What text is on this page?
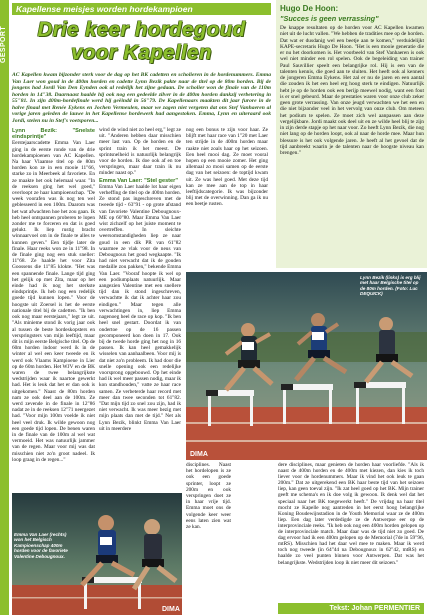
GESPORT
Kapellense meisjes worden hordekampioen
Drie keer hordegoud voor Kapellen
AC Kapellen kwam bijzonder sterk voor de dag op het BK cadetten en scholieren in de hordenummers. Emma Van Laer won goud in de 400m horden en cadette Lynn Bezik pakte naar de titel op de 80m horden. Bij de jongens had Jordi Van Den Eynden ook al redelijk het zijne gedaan. De scholier won de finale van de 110m horden in 14"38. Daarnaast haalde hij ook nog een gedeelde zilver in de 400m horden dankzij verbetering in 55"81. In zijn 400m-hordefinale werd hij geëindd in 56"79. De Kapellenaars maakten dit jaar furore in de halve finaal met Renée Eykens en Jochen Vermeulen, maar we zagen niet vergeten dat ons Stef Vanhaeren al vorige jaren geleden de lauwe in het Kapellense hordewerk had aangestoken. Emma, Lynn en uiteraard ook Jordi, stelen nu in Stef's voetsporen...

Lynn Bezik: "Snelste eindsprintje"

Eerstejaarscadette Emma Van Laer ging in de eerste ronde van de drie hordekampioenen van AC Kapellen. Na haar Vlaamse titel op de 80m horden kon ze in een mooie 11"66, starke zo in Meerbeek al favoriete. En ze maakte het ook helemaal waar. "In de reeksen ging het wel goed," overloopt ze haar kampioenschap. "De week voorafen was ik nog ten wel geblesseerd in een 100m. Daarom was het wat afwachten hoe het zou gaan. Ik heb heel ontspannen proberen te lopen zonder me te forceren en dat is goed gelukt. Ik liep rustig bracht winnaarvoel om in de finale te alles te kunnen geven." Een tijdje later de finale. Haar reeks won ze in 11"98. In de finale ging nog een stuk sneller: 11"68. Ze haalde het voor Zita Goossens die 11"85 klokte. "Het was een spannende finale. Lange tijd ging het gelijk op met Zita, maar op het einde had ik nog het sterkste eindsprintje. Ik heb nog een redelijk goede tijd kunnen lopen." Voor de hoogste uit Zoersel is het de eerste nationale titel bij de cadetten. "Ik ben ook nog maar eerstejaars," legt ze uit. "Als minieme stond ik vorig jaar ook al tussen de beste hordeskopsters en verspringsters van mijn leeftijd, maar dit is mijn eerste Belgische titel. Op de 60m horden indoor werd ik in de winter al wel een keer tweede en ik werd ook Vlaams Kampioene in Lier op de 60m horden. Het WJV en de BK waren de twee belangrijkste wedstrijden waar ik naartoe gewerkt had. Het is leuk dat het er dan ook is uitgekomen." Naast de 80m horden nam ze ook deel aan de 100m. Ze werd zevende in de finale in 12"86 nadat ze in de reeksen 12"71 neergezet had. "Voor mijn 100m voelde ik niet heel veel druk. Ik wilde gewoon nog een goede tijd lopen. De benen waren in de finale van de 100m al wel wat vermoeid. Het was natuurlijk jammer van de regen. Maar voor mij was dat misschien niet zo'n groot nadeel. Ik loop graag in de regen..."

wind de wind niet zo heel erg," legt ze uit. "Anderen hebben daar misschien meer last van. Op de horden en de sprint train ik het meest. De sprintsnelheid is natuurlijk belangrijk voor de horden. Ik doe ook af en toe verspringen, maar daar train ik nu minder naast op."

Emma Van Laer: "Stel gester"

Emma Van Laer haalde lot haar eigen verheffing de titel op de 400m horden. Ze stond pas ingeschreven met de tweede tijd - 63"91 - op grote afstand van favoriete Valentine Debougnoux-ME op 60"80. Maar Emma Van Laer wist zichzelf op het juiste moment te overtreffen. In sleichte weersomstandigheden liep ze naar goud in een dik PR van 61"82 waarmee ze vlak voor de neus van Debougnoux het goud wegkaapte. "Ik had niet verwacht dat ik de gouden medaille zou pakken," bekende Emma Van Laer. "Vooraf hoopte ik wel op een podiumplaats natuurlijk. Maar aangezien Valentine met een snellere tijd dan ik stond ingeschreven, verwachtte ik dat ik achter haar zou eindigen." Maar tegen alle verwachtingen in, liep Emma nagenoeg heel de race op kop. "Ik ben heel snel gestart. Doordat ik van ondertoe op de 16 passen gecomponeerd kon doen in 17. Ook bij de twede horde ging het nog in 16 passen. Ik kan heel gemakkelijk wisselen van aanhaalbeen. Voor mij is dat niet zo'n probleem. Ik had door die snelle opening ook een redelijke voorsprong opgebouwd. Op het einde had ik wel meer passen nodig, maar ik kon standhouden," vatte ze haar race samen. Ze verbeterde haar record met meer dan twee seconden tot 61"82. "Dat mijn tijd zo snel zou zijn, had ik niet verwacht. Ik was meer bezig met mijn plaats dan met de tijd." Net als Lynn Bezik, blinkt Emma Van Laer uit in meerdere

nog een bonus te zijn voor haar. Ze blijft met haar race van 1"20 met Laer ten strijde in de 400m horden maar raakte niet zoals haar op het seizoen. Een heel mooi dag. Ze moet vooral hopen op een mooie zomer. Het ging allemaal zo mooi samen op de eerste dag van het seizoen: de toptijd kwam uit. Ze was heel goed. Met deze tijd kan ze mee aan de top in haar leeftijdscategorie. Ik was bijzonder blij met de overwinning. Dan ga ik nu een beetje rusten.

Hugo De Hoon:
"Succes is geen verrassing"
De knappe resultaten op de horden voor AC Kapellen kwamen niet uit de lucht vallen. "We hebben de tradities mee op de horden. Dat wat er dusdanig wel een beetje aan te komen," verduidelijkt KAPE-secretaris Hugo De Hoon. "Het is een mooie generatie die er nu het doorkomen is. Het voorbeeld van Stef Vanhaeren is ook wel niet minder een rol spelen. Ook de begeleiding van trainer Paul Sauvillier speelt een belangrijke rol. Hij is een van de talenten kennis, die goed aan te sluiten. Het heeft ook al kenners de jongeren Emma Eykens. Het zal er nu de jaren en een aantal die zouden ik het een heel erg hoog sterk te eindigen. Natuurlijk hebt je op de horden ook een berijp meewel nodig, want een fout is er snel gebeurd. Maar de prestaties waren voor onze club zeker geen grote verrassing. Van onze jeugd verwachten we het een en die niet bijzonder veel in het vervolg van onze club. Om meteen het podium te spelen. Ze moet zich wel aanpassen aan deze vergelijkbare. Jordi maakt ook deel uit en ze wilde heel blij te zijn in zijn derde stapje op het naar voor. Zo heeft Lynn Bezik, die nog niet lang op de horden loopt, ook al naar de horde mee. Maar hun blessure is het ook volgende jaren. Je heeft al het gevoel dat de tijd aanbreekt waarin je de talenten naar de hoogste niveau kan brengen."
DIMA
Lynn Bezik (links) is erg blij met haar Belgische titel op de 80m horden. (Foto: Luc DEQUICK)
DIMA
Emma Van Laer (rechts) won het Belgisch Kampioenschap 400m horden voor de favoriete Valentine Debougnoux.

disciplines. Naast het hordelopen is ze ook een goede sprinter, loopt ze 200m en ook verspringen doet ze in haar vrije tijd. Emma moet ons de volgende keer weer eens laten zien wat ze kan.

dere disciplines, maar genieten de horden haar voorliefde. "Als ik naast de 400m horden en de 400m met kiezen, dan kies ik toch liever voor de hordenummers. Maar ik vind het ook leuk te gaan 200m." Dat ze uitgerekend een BK haar beste tijd van het seizoen liep, kan geen toeval zijn. "Ik zat heel goed op het BK. Mijn trainer geeft me schema's en ik doe volg ik gewoon. Ik denk wel dat het speciaal naar het BK toegewerkt heeft." De vrijdag na haar titel mocht ze Kapelle nog aantreden in het eerst hoog belangrijke Koning Boudewijnstadion in de Youth Memorial waar ze de 400m liep. Een dag later verdedigde ze de Antwerpse eer op de interprovinciale reeks. "Ik heb ook nog een 400m horden gelopen op de interprovinciale match. Maar daar was de tijd niet zo goed. De dag ervoor had ik een 400m gelopen op de Memorial (7de in 59"96, mtRS). Misschien had het daar wel mee te maken. Maar ik werd toch nog tweede (in 64"44 na Debougnoux in 62"42, mtRS) en haalde zo veel punten binnen voor Antwerpen. Dat was het belangrijkste. Wedstrijden loop ik niet meer dit seizoen."

Tekst: Johan PERMENTIER
